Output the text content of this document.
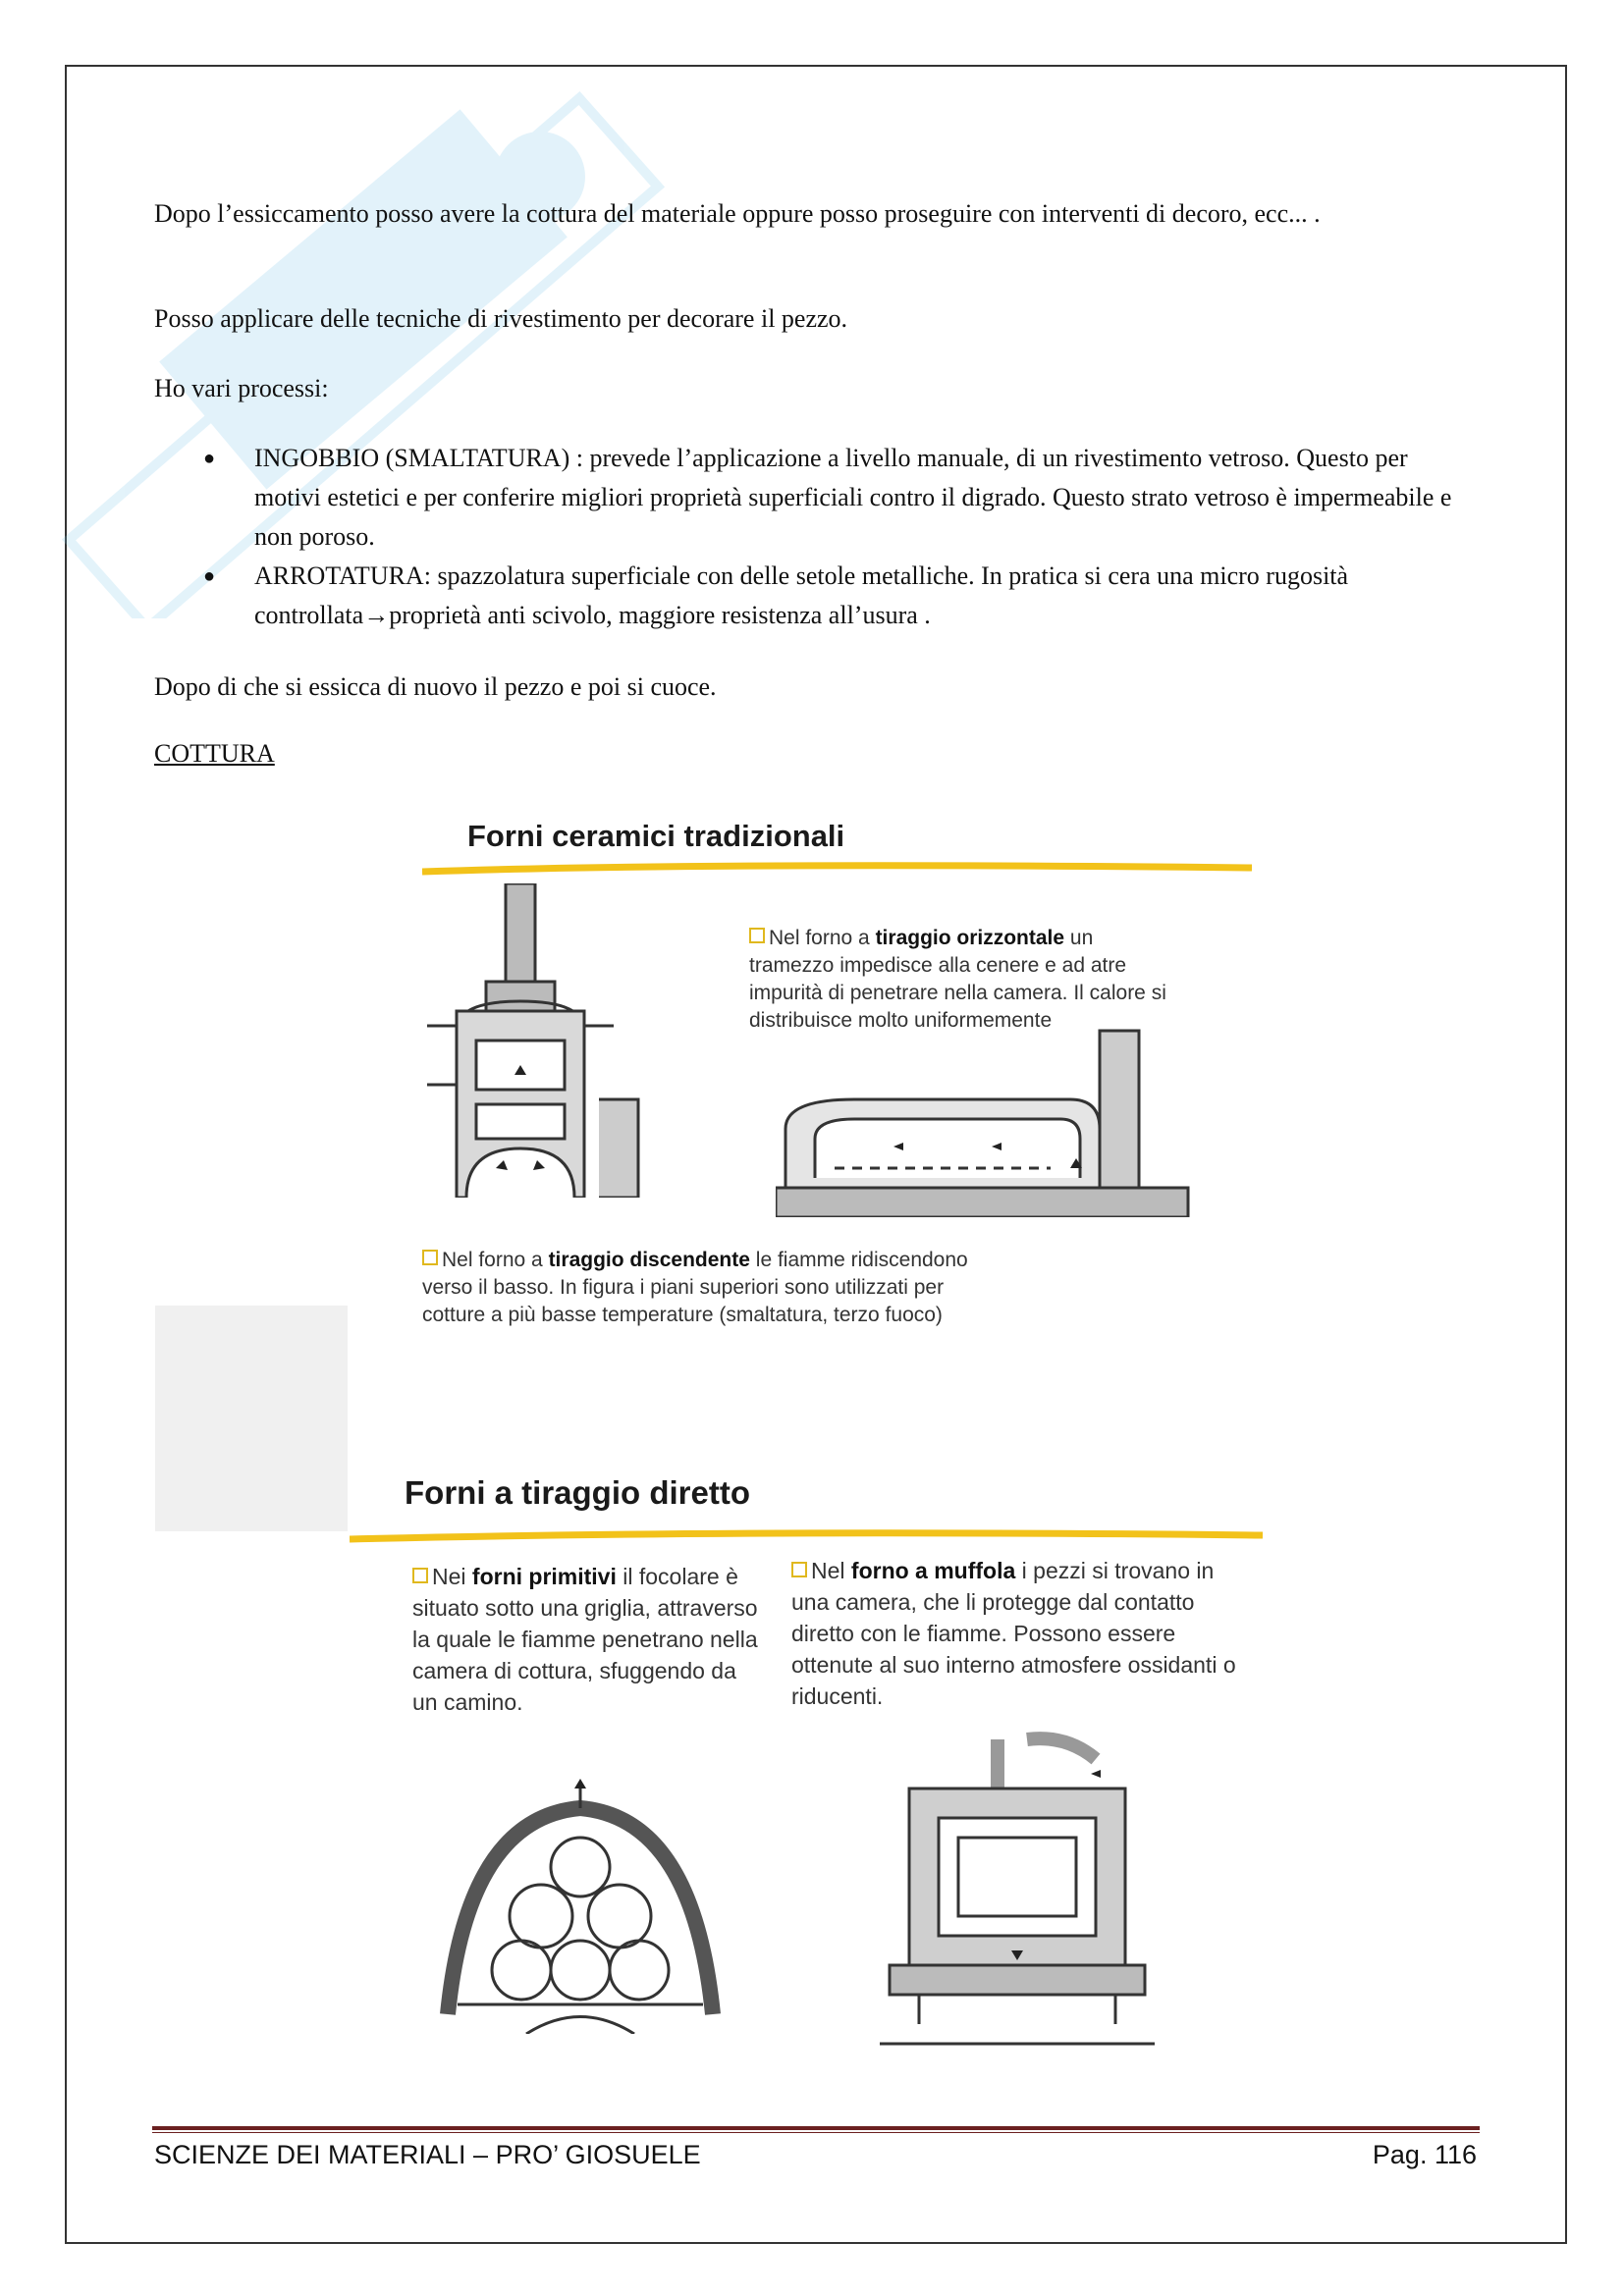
Dopo l’essiccamento posso avere la cottura del materiale oppure posso proseguire con interventi di decoro, ecc... .
Posso applicare delle tecniche di rivestimento per decorare il pezzo.
Ho vari processi:
● INGOBBIO (SMALTATURA) : prevede l’applicazione a livello manuale, di un rivestimento vetroso. Questo per motivi estetici e per conferire migliori proprietà superficiali contro il digrado. Questo strato vetroso è impermeabile e non poroso.
● ARROTATURA: spazzolatura superficiale con delle setole metalliche. In pratica si cera una micro rugosità controllata→proprietà anti scivolo, maggiore resistenza all’usura .
Dopo di che si essicca di nuovo il pezzo e poi si cuoce.
COTTURA
Forni ceramici tradizionali
Nel forno a tiraggio orizzontale un tramezzo impedisce alla cenere e ad atre impurità di penetrare nella camera. Il calore si distribuisce molto uniformemente
Nel forno a tiraggio discendente le fiamme ridiscendono verso il basso. In figura i piani superiori sono utilizzati per cotture a più basse temperature (smaltatura, terzo fuoco)
Forni a tiraggio diretto
Nei forni primitivi il focolare è situato sotto una griglia, attraverso la quale le fiamme penetrano nella camera di cottura, sfuggendo da un camino.
Nel forno a muffola i pezzi si trovano in una camera, che li protegge dal contatto diretto con le fiamme. Possono essere ottenute al suo interno atmosfere ossidanti o riducenti.
SCIENZE DEI MATERIALI – PRO’ GIOSUELE	Pag. 116
